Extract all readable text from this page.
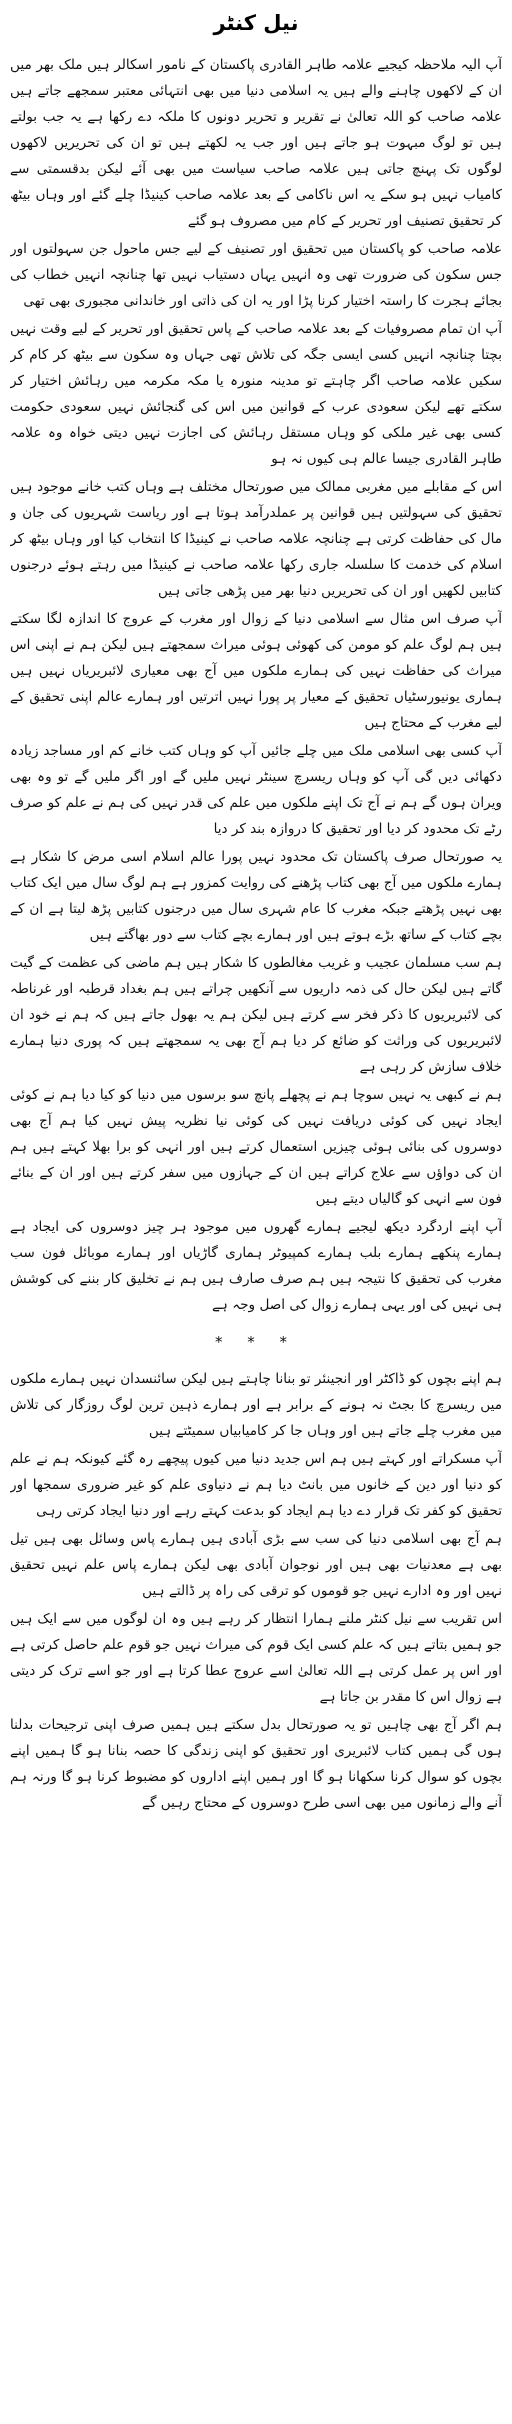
نیل کنٹر

آپ الیہ ملاحظہ کیجیے علامہ طاہر القادری پاکستان کے نامور اسکالر ہیں ملک بھر میں ان کے لاکھوں چاہنے والے ہیں یہ اسلامی دنیا میں بھی انتہائی معتبر سمجھے جاتے ہیں علامہ صاحب کو اللہ تعالیٰ نے تقریر و تحریر دونوں کا ملکہ دے رکھا ہے یہ جب بولتے ہیں تو لوگ مبہوت ہو جاتے ہیں اور جب یہ لکھتے ہیں تو ان کی تحریریں لاکھوں لوگوں تک پہنچ جاتی ہیں علامہ صاحب سیاست میں بھی آئے لیکن بدقسمتی سے کامیاب نہیں ہو سکے یہ اس ناکامی کے بعد علامہ صاحب کینیڈا چلے گئے اور وہاں بیٹھ کر تحقیق تصنیف اور تحریر کے کام میں مصروف ہو گئے

علامہ صاحب کو پاکستان میں تحقیق اور تصنیف کے لیے جس ماحول جن سہولتوں اور جس سکون کی ضرورت تھی وہ انہیں یہاں دستیاب نہیں تھا چنانچہ انہیں خطاب کی بجائے ہجرت کا راستہ اختیار کرنا پڑا اور یہ ان کی ذاتی اور خاندانی مجبوری بھی تھی

آپ ان تمام مصروفیات کے بعد علامہ صاحب کے پاس تحقیق اور تحریر کے لیے وقت نہیں بچتا چنانچہ انہیں کسی ایسی جگہ کی تلاش تھی جہاں وہ سکون سے بیٹھ کر کام کر سکیں علامہ صاحب اگر چاہتے تو مدینہ منورہ یا مکہ مکرمہ میں رہائش اختیار کر سکتے تھے لیکن سعودی عرب کے قوانین میں اس کی گنجائش نہیں سعودی حکومت کسی بھی غیر ملکی کو وہاں مستقل رہائش کی اجازت نہیں دیتی خواہ وہ علامہ طاہر القادری جیسا عالم ہی کیوں نہ ہو

اس کے مقابلے میں مغربی ممالک میں صورتحال مختلف ہے وہاں کتب خانے موجود ہیں تحقیق کی سہولتیں ہیں قوانین پر عملدرآمد ہوتا ہے اور ریاست شہریوں کی جان و مال کی حفاظت کرتی ہے چنانچہ علامہ صاحب نے کینیڈا کا انتخاب کیا اور وہاں بیٹھ کر اسلام کی خدمت کا سلسلہ جاری رکھا علامہ صاحب نے کینیڈا میں رہتے ہوئے درجنوں کتابیں لکھیں اور ان کی تحریریں دنیا بھر میں پڑھی جاتی ہیں

آپ صرف اس مثال سے اسلامی دنیا کے زوال اور مغرب کے عروج کا اندازہ لگا سکتے ہیں ہم لوگ علم کو مومن کی کھوئی ہوئی میراث سمجھتے ہیں لیکن ہم نے اپنی اس میراث کی حفاظت نہیں کی ہمارے ملکوں میں آج بھی معیاری لائبریریاں نہیں ہیں ہماری یونیورسٹیاں تحقیق کے معیار پر پورا نہیں اترتیں اور ہمارے عالم اپنی تحقیق کے لیے مغرب کے محتاج ہیں

آپ کسی بھی اسلامی ملک میں چلے جائیں آپ کو وہاں کتب خانے کم اور مساجد زیادہ دکھائی دیں گی آپ کو وہاں ریسرچ سینٹر نہیں ملیں گے اور اگر ملیں گے تو وہ بھی ویران ہوں گے ہم نے آج تک اپنے ملکوں میں علم کی قدر نہیں کی ہم نے علم کو صرف رٹے تک محدود کر دیا اور تحقیق کا دروازہ بند کر دیا

یہ صورتحال صرف پاکستان تک محدود نہیں پورا عالم اسلام اسی مرض کا شکار ہے ہمارے ملکوں میں آج بھی کتاب پڑھنے کی روایت کمزور ہے ہم لوگ سال میں ایک کتاب بھی نہیں پڑھتے جبکہ مغرب کا عام شہری سال میں درجنوں کتابیں پڑھ لیتا ہے ان کے بچے کتاب کے ساتھ بڑے ہوتے ہیں اور ہمارے بچے کتاب سے دور بھاگتے ہیں

ہم سب مسلمان عجیب و غریب مغالطوں کا شکار ہیں ہم ماضی کی عظمت کے گیت گاتے ہیں لیکن حال کی ذمہ داریوں سے آنکھیں چراتے ہیں ہم بغداد قرطبہ اور غرناطہ کی لائبریریوں کا ذکر فخر سے کرتے ہیں لیکن ہم یہ بھول جاتے ہیں کہ ہم نے خود ان لائبریریوں کی وراثت کو ضائع کر دیا ہم آج بھی یہ سمجھتے ہیں کہ پوری دنیا ہمارے خلاف سازش کر رہی ہے

ہم نے کبھی یہ نہیں سوچا ہم نے پچھلے پانچ سو برسوں میں دنیا کو کیا دیا ہم نے کوئی ایجاد نہیں کی کوئی دریافت نہیں کی کوئی نیا نظریہ پیش نہیں کیا ہم آج بھی دوسروں کی بنائی ہوئی چیزیں استعمال کرتے ہیں اور انہی کو برا بھلا کہتے ہیں ہم ان کی دواؤں سے علاج کراتے ہیں ان کے جہازوں میں سفر کرتے ہیں اور ان کے بنائے فون سے انہی کو گالیاں دیتے ہیں

آپ اپنے اردگرد دیکھ لیجیے ہمارے گھروں میں موجود ہر چیز دوسروں کی ایجاد ہے ہمارے پنکھے ہمارے بلب ہمارے کمپیوٹر ہماری گاڑیاں اور ہمارے موبائل فون سب مغرب کی تحقیق کا نتیجہ ہیں ہم صرف صارف ہیں ہم نے تخلیق کار بننے کی کوشش ہی نہیں کی اور یہی ہمارے زوال کی اصل وجہ ہے

* * *

ہم اپنے بچوں کو ڈاکٹر اور انجینئر تو بنانا چاہتے ہیں لیکن سائنسدان نہیں ہمارے ملکوں میں ریسرچ کا بجٹ نہ ہونے کے برابر ہے اور ہمارے ذہین ترین لوگ روزگار کی تلاش میں مغرب چلے جاتے ہیں اور وہاں جا کر کامیابیاں سمیٹتے ہیں

آپ مسکراتے اور کہتے ہیں ہم اس جدید دنیا میں کیوں پیچھے رہ گئے کیونکہ ہم نے علم کو دنیا اور دین کے خانوں میں بانٹ دیا ہم نے دنیاوی علم کو غیر ضروری سمجھا اور تحقیق کو کفر تک قرار دے دیا ہم ایجاد کو بدعت کہتے رہے اور دنیا ایجاد کرتی رہی

ہم آج بھی اسلامی دنیا کی سب سے بڑی آبادی ہیں ہمارے پاس وسائل بھی ہیں تیل بھی ہے معدنیات بھی ہیں اور نوجوان آبادی بھی لیکن ہمارے پاس علم نہیں تحقیق نہیں اور وہ ادارے نہیں جو قوموں کو ترقی کی راہ پر ڈالتے ہیں

اس تقریب سے نیل کنٹر ملنے ہمارا انتظار کر رہے ہیں وہ ان لوگوں میں سے ایک ہیں جو ہمیں بتاتے ہیں کہ علم کسی ایک قوم کی میراث نہیں جو قوم علم حاصل کرتی ہے اور اس پر عمل کرتی ہے اللہ تعالیٰ اسے عروج عطا کرتا ہے اور جو اسے ترک کر دیتی ہے زوال اس کا مقدر بن جاتا ہے

ہم اگر آج بھی چاہیں تو یہ صورتحال بدل سکتے ہیں ہمیں صرف اپنی ترجیحات بدلنا ہوں گی ہمیں کتاب لائبریری اور تحقیق کو اپنی زندگی کا حصہ بنانا ہو گا ہمیں اپنے بچوں کو سوال کرنا سکھانا ہو گا اور ہمیں اپنے اداروں کو مضبوط کرنا ہو گا ورنہ ہم آنے والے زمانوں میں بھی اسی طرح دوسروں کے محتاج رہیں گے
